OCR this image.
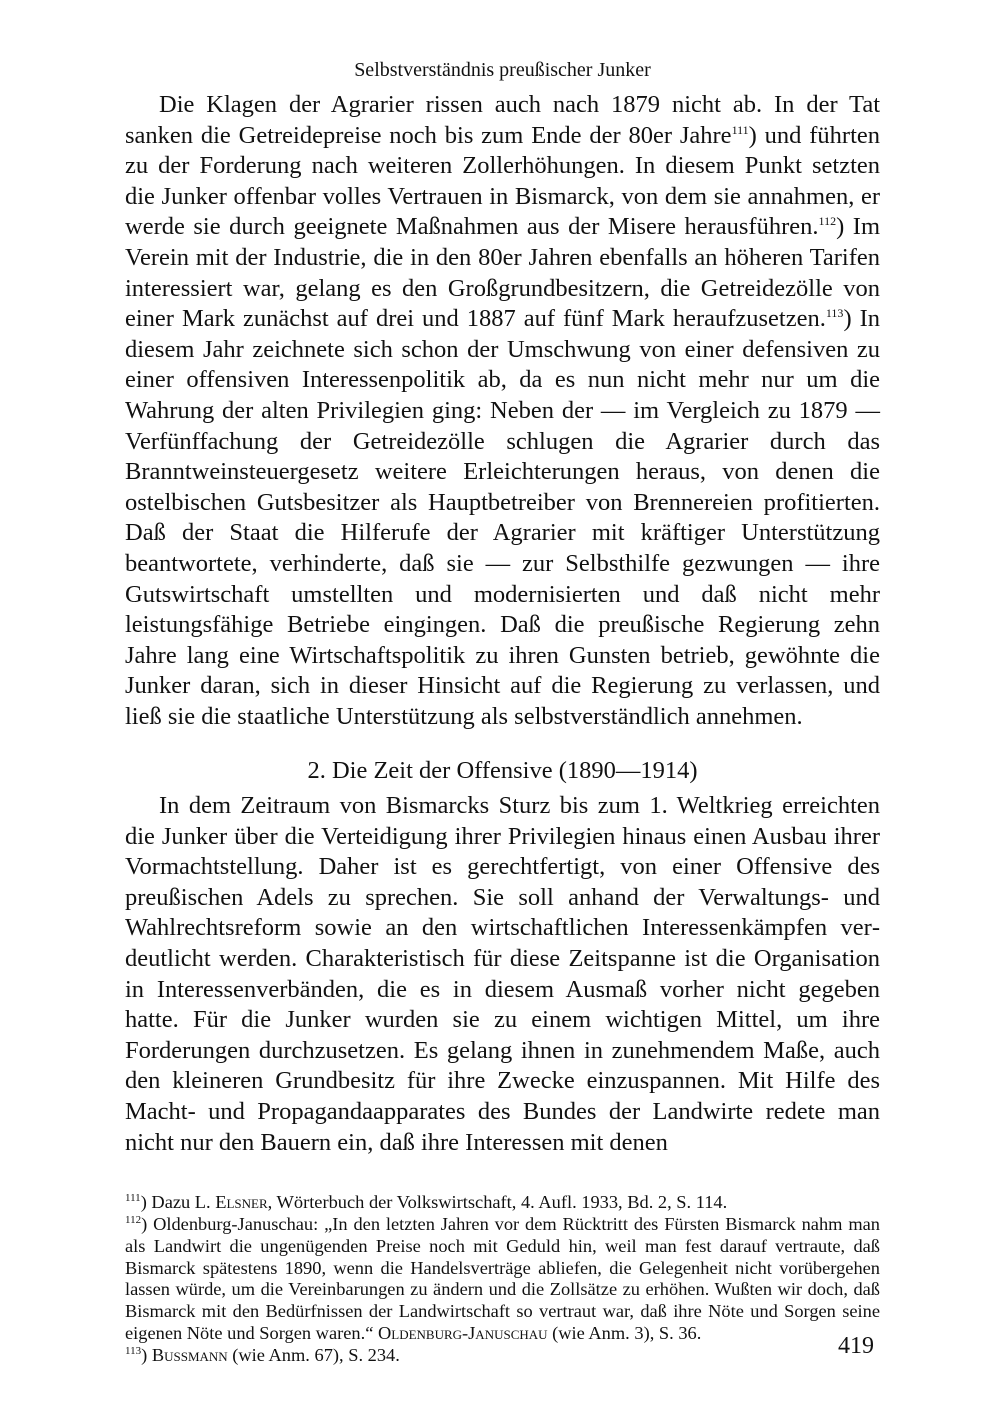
Selbstverständnis preußischer Junker

Die Klagen der Agrarier rissen auch nach 1879 nicht ab. In der Tat sanken die Getreidepreise noch bis zum Ende der 80er Jahre$^{111}$) und führten zu der Forderung nach weiteren Zollerhöhungen. In diesem Punkt setzten die Junker offenbar volles Vertrauen in Bismarck, von dem sie annahmen, er werde sie durch geeignete Maßnahmen aus der Misere herausführen.$^{112}$) Im Verein mit der Industrie, die in den 80er Jahren ebenfalls an höheren Tarifen interessiert war, gelang es den Großgrundbesitzern, die Getreidezölle von einer Mark zunächst auf drei und 1887 auf fünf Mark heraufzusetzen.$^{113}$) In diesem Jahr zeichnete sich schon der Umschwung von einer defensiven zu einer offensiven Interessenpolitik ab, da es nun nicht mehr nur um die Wahrung der alten Privilegien ging: Neben der — im Vergleich zu 1879 — Verfünffachung der Getreidezölle schlugen die Agrarier durch das Branntweinsteuergesetz weitere Erleichterungen heraus, von denen die ostelbischen Gutsbesitzer als Hauptbetreiber von Brennereien profitierten. Daß der Staat die Hilferufe der Agrarier mit kräftiger Unterstützung beantwortete, verhinderte, daß sie — zur Selbsthilfe gezwungen — ihre Gutswirtschaft umstellten und modernisierten und daß nicht mehr leistungsfähige Betriebe eingingen. Daß die preußische Regierung zehn Jahre lang eine Wirtschaftspolitik zu ihren Gunsten betrieb, gewöhnte die Junker daran, sich in dieser Hinsicht auf die Regierung zu verlassen, und ließ sie die staatliche Unterstützung als selbstverständlich annehmen.

2. Die Zeit der Offensive (1890—1914)

In dem Zeitraum von Bismarcks Sturz bis zum 1. Weltkrieg erreichten die Junker über die Verteidigung ihrer Privilegien hinaus einen Ausbau ihrer Vormachtstellung. Daher ist es gerechtfertigt, von einer Offensive des preußischen Adels zu sprechen. Sie soll anhand der Verwaltungs- und Wahlrechtsreform sowie an den wirtschaftlichen Interessenkämpfen verdeutlicht werden. Charakteristisch für diese Zeitspanne ist die Organisation in Interessenverbänden, die es in diesem Ausmaß vorher nicht gegeben hatte. Für die Junker wurden sie zu einem wichtigen Mittel, um ihre Forderungen durchzusetzen. Es gelang ihnen in zunehmendem Maße, auch den kleineren Grundbesitz für ihre Zwecke einzuspannen. Mit Hilfe des Macht- und Propagandaapparates des Bundes der Landwirte redete man nicht nur den Bauern ein, daß ihre Interessen mit denen

$^{111}$) Dazu L. Elsner, Wörterbuch der Volkswirtschaft, 4. Aufl. 1933, Bd. 2, S. 114.

$^{112}$) Oldenburg-Januschau: „In den letzten Jahren vor dem Rücktritt des Fürsten Bismarck nahm man als Landwirt die ungenügenden Preise noch mit Geduld hin, weil man fest darauf vertraute, daß Bismarck spätestens 1890, wenn die Handelsverträge abliefen, die Gelegenheit nicht vorübergehen lassen würde, um die Vereinbarungen zu ändern und die Zollsätze zu erhöhen. Wußten wir doch, daß Bismarck mit den Bedürfnissen der Landwirtschaft so vertraut war, daß ihre Nöte und Sorgen seine eigenen Nöte und Sorgen waren.“ Oldenburg-Januschau (wie Anm. 3), S. 36.

$^{113}$) Bussmann (wie Anm. 67), S. 234.	419
